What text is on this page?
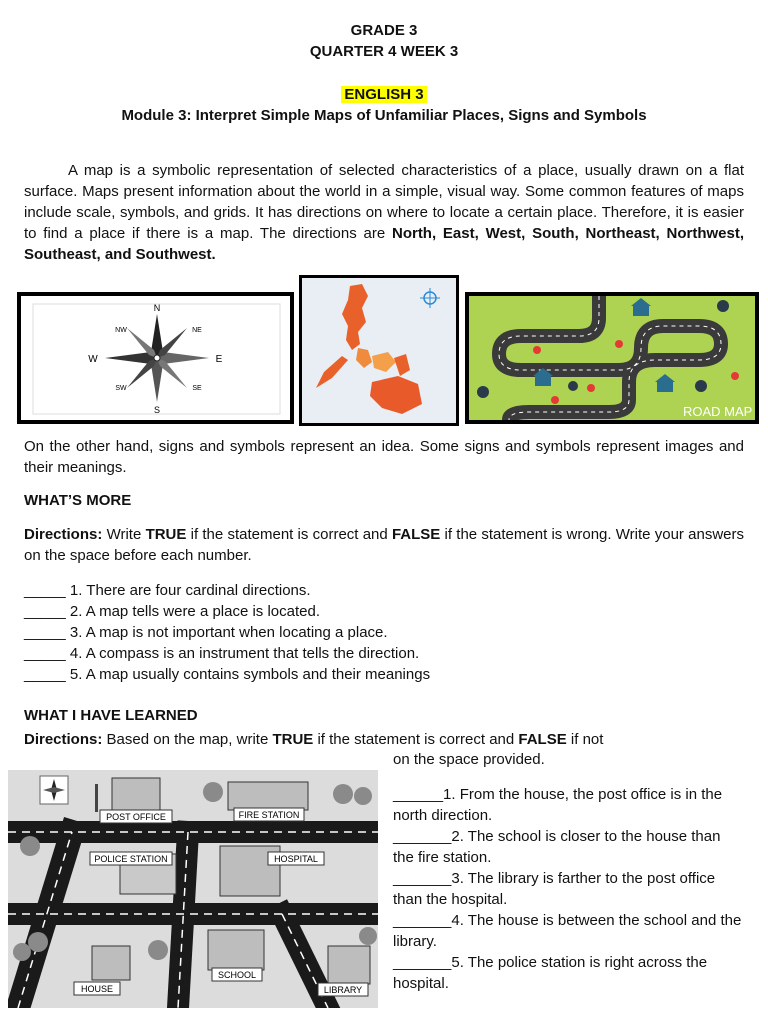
GRADE 3
QUARTER 4 WEEK 3
ENGLISH 3
Module 3: Interpret Simple Maps of Unfamiliar Places, Signs and Symbols
A map is a symbolic representation of selected characteristics of a place, usually drawn on a flat surface. Maps present information about the world in a simple, visual way. Some common features of maps include scale, symbols, and grids. It has directions on where to locate a certain place. Therefore, it is easier to find a place if there is a map. The directions are North, East, West, South, Northeast, Northwest, Southeast, and Southwest.
N
S
E
W
NE
NW
SE
SW
ROAD MAP
On the other hand, signs and symbols represent an idea. Some signs and symbols represent images and their meanings.
WHAT’S MORE
Directions: Write TRUE if the statement is correct and FALSE if the statement is wrong. Write your answers on the space before each number.
_____ 1. There are four cardinal directions.
_____ 2. A map tells were a place is located.
_____ 3. A map is not important when locating a place.
_____ 4. A compass is an instrument that tells the direction.
_____ 5. A map usually contains symbols and their meanings
WHAT I HAVE LEARNED
Directions: Based on the map, write TRUE if the statement is correct and FALSE if not
on the space provided.
POST OFFICE	FIRE STATION
POLICE STATION	HOSPITAL
SCHOOL
HOUSE	LIBRARY
______1. From the house, the post office is in the north direction.
_______2. The school is closer to the house than the fire station.
_______3. The library is farther to the post office than the hospital.
_______4. The house is between the school and the library.
_______5. The police station is right across the hospital.
